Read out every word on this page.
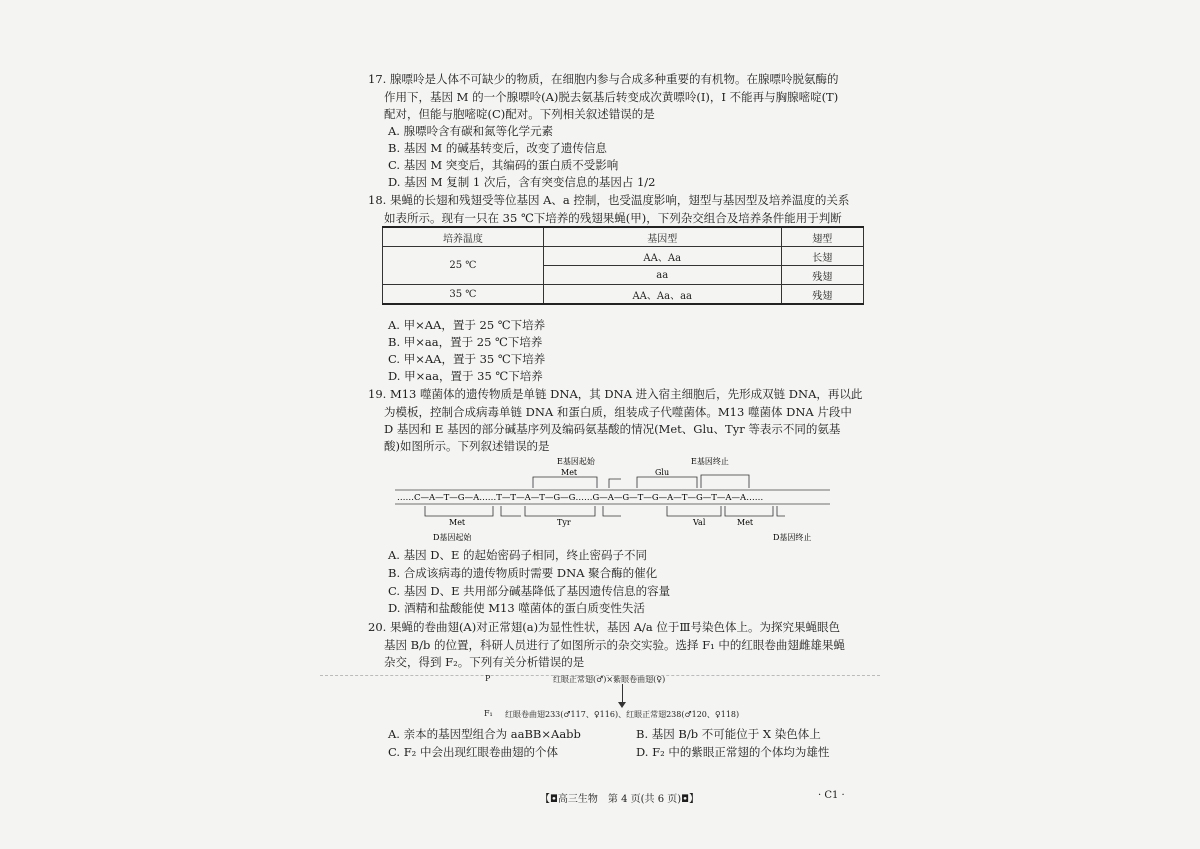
17. 腺嘌呤是人体不可缺少的物质，在细胞内参与合成多种重要的有机物。在腺嘌呤脱氨酶的
作用下，基因 M 的一个腺嘌呤(A)脱去氨基后转变成次黄嘌呤(I)，I 不能再与胸腺嘧啶(T)
配对，但能与胞嘧啶(C)配对。下列相关叙述错误的是
A. 腺嘌呤含有碳和氮等化学元素
B. 基因 M 的碱基转变后，改变了遗传信息
C. 基因 M 突变后，其编码的蛋白质不受影响
D. 基因 M 复制 1 次后，含有突变信息的基因占 1/2
18. 果蝇的长翅和残翅受等位基因 A、a 控制，也受温度影响，翅型与基因型及培养温度的关系
如表所示。现有一只在 35 ℃下培养的残翅果蝇(甲)，下列杂交组合及培养条件能用于判断
培养温度	基因型	翅型
25 ℃	AA、Aa	长翅
	aa	残翅
35 ℃	AA、Aa、aa	残翅
A. 甲×AA，置于 25 ℃下培养
B. 甲×aa，置于 25 ℃下培养
C. 甲×AA，置于 35 ℃下培养
D. 甲×aa，置于 35 ℃下培养
19. M13 噬菌体的遗传物质是单链 DNA，其 DNA 进入宿主细胞后，先形成双链 DNA，再以此
为模板，控制合成病毒单链 DNA 和蛋白质，组装成子代噬菌体。M13 噬菌体 DNA 片段中
D 基因和 E 基因的部分碱基序列及编码氨基酸的情况(Met、Glu、Tyr 等表示不同的氨基
酸)如图所示。下列叙述错误的是
E基因起始
Met	Glu
E基因终止
……C—A—T—G—A……T—T—A—T—G—G……G—A—G—T—G—A—T—G—T—A—A……
Met	Tyr	Val	Met
D基因起始	D基因终止
A. 基因 D、E 的起始密码子相同，终止密码子不同
B. 合成该病毒的遗传物质时需要 DNA 聚合酶的催化
C. 基因 D、E 共用部分碱基降低了基因遗传信息的容量
D. 酒精和盐酸能使 M13 噬菌体的蛋白质变性失活
20. 果蝇的卷曲翅(A)对正常翅(a)为显性性状，基因 A/a 位于Ⅲ号染色体上。为探究果蝇眼色
基因 B/b 的位置，科研人员进行了如图所示的杂交实验。选择 F₁ 中的红眼卷曲翅雌雄果蝇
杂交，得到 F₂。下列有关分析错误的是
P	红眼正常翅(♂)×紫眼卷曲翅(♀)
F₁ 红眼卷曲翅233(♂117、♀116)、红眼正常翅238(♂120、♀118)
A. 亲本的基因型组合为 aaBB×Aabb	B. 基因 B/b 不可能位于 X 染色体上
C. F₂ 中会出现红眼卷曲翅的个体	D. F₂ 中的紫眼正常翅的个体均为雄性
【◘高三生物　第 4 页(共 6 页)◘】	· C1 ·
